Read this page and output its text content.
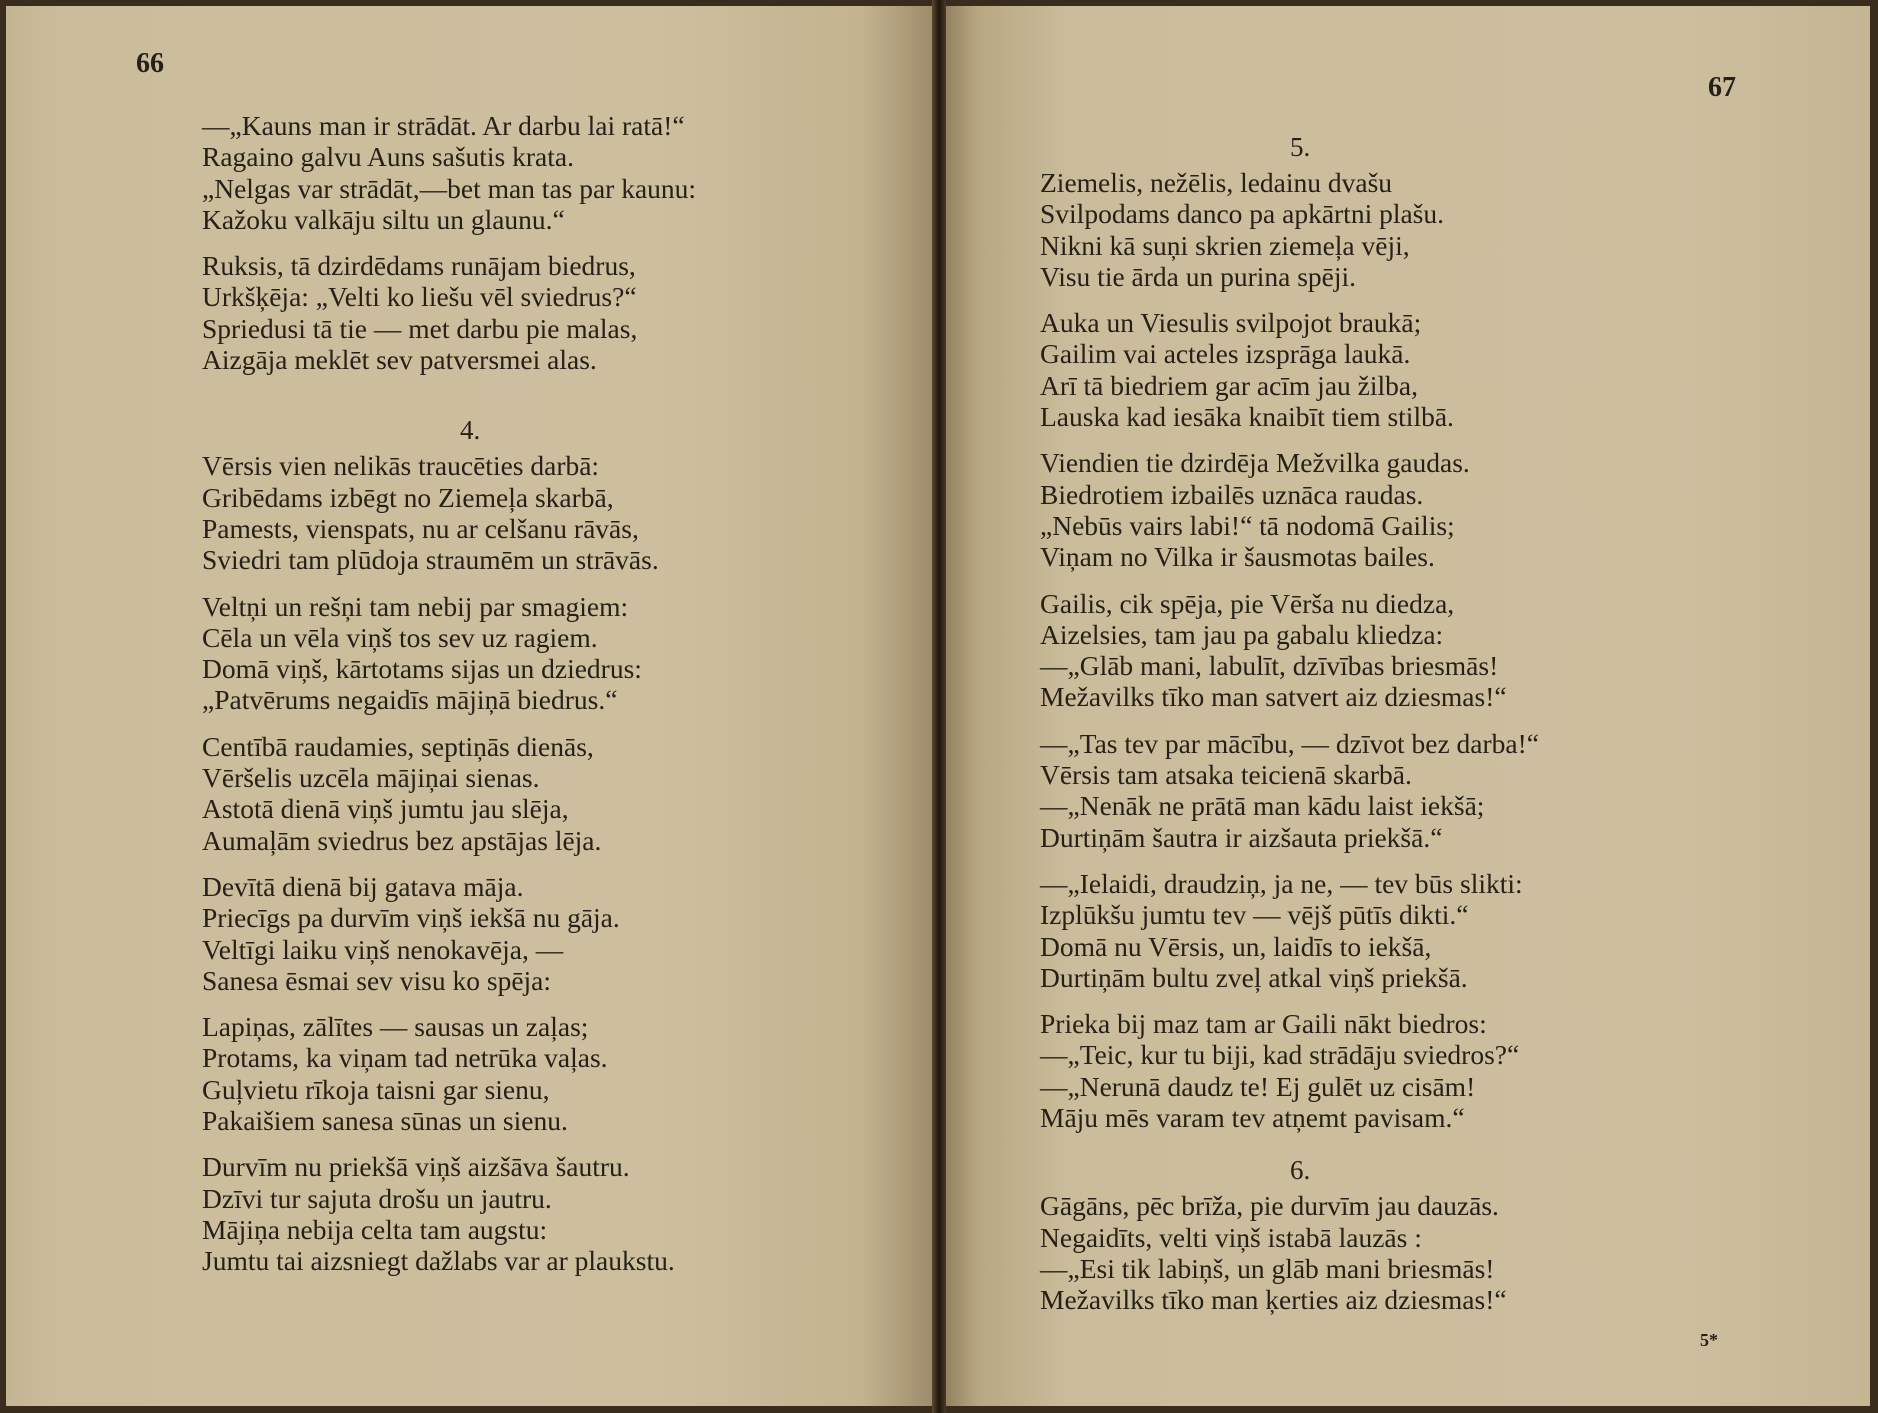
66
—„Kauns man ir strādāt. Ar darbu lai ratā!“
Ragaino galvu Auns sašutis krata.
„Nelgas var strādāt,—bet man tas par kaunu:
Kažoku valkāju siltu un glaunu.“
Ruksis, tā dzirdēdams runājam biedrus,
Urkšķēja: „Velti ko liešu vēl sviedrus?“
Spriedusi tā tie — met darbu pie malas,
Aizgāja meklēt sev patversmei alas.
4.
Vērsis vien nelikās traucēties darbā:
Gribēdams izbēgt no Ziemeļa skarbā,
Pamests, vienspats, nu ar celšanu rāvās,
Sviedri tam plūdoja straumēm un strāvās.
Veltņi un rešņi tam nebij par smagiem:
Cēla un vēla viņš tos sev uz ragiem.
Domā viņš, kārtotams sijas un dziedrus:
„Patvērums negaidīs mājiņā biedrus.“
Centībā raudamies, septiņās dienās,
Vēršelis uzcēla mājiņai sienas.
Astotā dienā viņš jumtu jau slēja,
Aumaļām sviedrus bez apstājas lēja.
Devītā dienā bij gatava māja.
Priecīgs pa durvīm viņš iekšā nu gāja.
Veltīgi laiku viņš nenokavēja, —
Sanesa ēsmai sev visu ko spēja:
Lapiņas, zālītes — sausas un zaļas;
Protams, ka viņam tad netrūka vaļas.
Guļvietu rīkoja taisni gar sienu,
Pakaišiem sanesa sūnas un sienu.
Durvīm nu priekšā viņš aizšāva šautru.
Dzīvi tur sajuta drošu un jautru.
Mājiņa nebija celta tam augstu:
Jumtu tai aizsniegt dažlabs var ar plaukstu.
67
5.
Ziemelis, nežēlis, ledainu dvašu
Svilpodams danco pa apkārtni plašu.
Nikni kā suņi skrien ziemeļa vēji,
Visu tie ārda un purina spēji.
Auka un Viesulis svilpojot braukā;
Gailim vai acteles izsprāga laukā.
Arī tā biedriem gar acīm jau žilba,
Lauska kad iesāka knaibīt tiem stilbā.
Viendien tie dzirdēja Mežvilka gaudas.
Biedrotiem izbailēs uznāca raudas.
„Nebūs vairs labi!“ tā nodomā Gailis;
Viņam no Vilka ir šausmotas bailes.
Gailis, cik spēja, pie Vērša nu diedza,
Aizelsies, tam jau pa gabalu kliedza:
—„Glāb mani, labulīt, dzīvības briesmās!
Mežavilks tīko man satvert aiz dziesmas!“
—„Tas tev par mācību, — dzīvot bez darba!“
Vērsis tam atsaka teicienā skarbā.
—„Nenāk ne prātā man kādu laist iekšā;
Durtiņām šautra ir aizšauta priekšā.“
—„Ielaidi, draudziņ, ja ne, — tev būs slikti:
Izplūkšu jumtu tev — vējš pūtīs dikti.“
Domā nu Vērsis, un, laidīs to iekšā,
Durtiņām bultu zveļ atkal viņš priekšā.
Prieka bij maz tam ar Gaili nākt biedros:
—„Teic, kur tu biji, kad strādāju sviedros?“
—„Nerunā daudz te! Ej gulēt uz cisām!
Māju mēs varam tev atņemt pavisam.“
6.
Gāgāns, pēc brīža, pie durvīm jau dauzās.
Negaidīts, velti viņš istabā lauzās :
—„Esi tik labiņš, un glāb mani briesmās!
Mežavilks tīko man ķerties aiz dziesmas!“
5*
